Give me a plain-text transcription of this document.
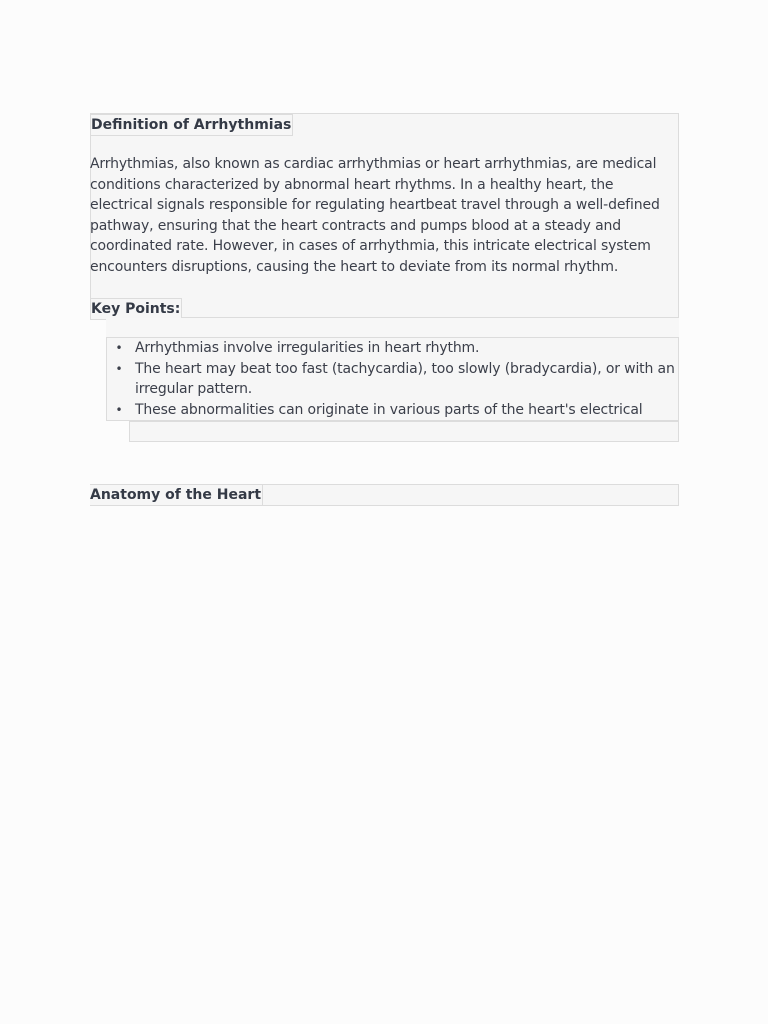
Definition of Arrhythmias

Arrhythmias, also known as cardiac arrhythmias or heart arrhythmias, are medical conditions characterized by abnormal heart rhythms. In a healthy heart, the electrical signals responsible for regulating heartbeat travel through a well-defined pathway, ensuring that the heart contracts and pumps blood at a steady and coordinated rate. However, in cases of arrhythmia, this intricate electrical system encounters disruptions, causing the heart to deviate from its normal rhythm.

Key Points:
• Arrhythmias involve irregularities in heart rhythm.
• The heart may beat too fast (tachycardia), too slowly (bradycardia), or with an irregular pattern.
• These abnormalities can originate in various parts of the heart's electrical
Anatomy of the Heart
